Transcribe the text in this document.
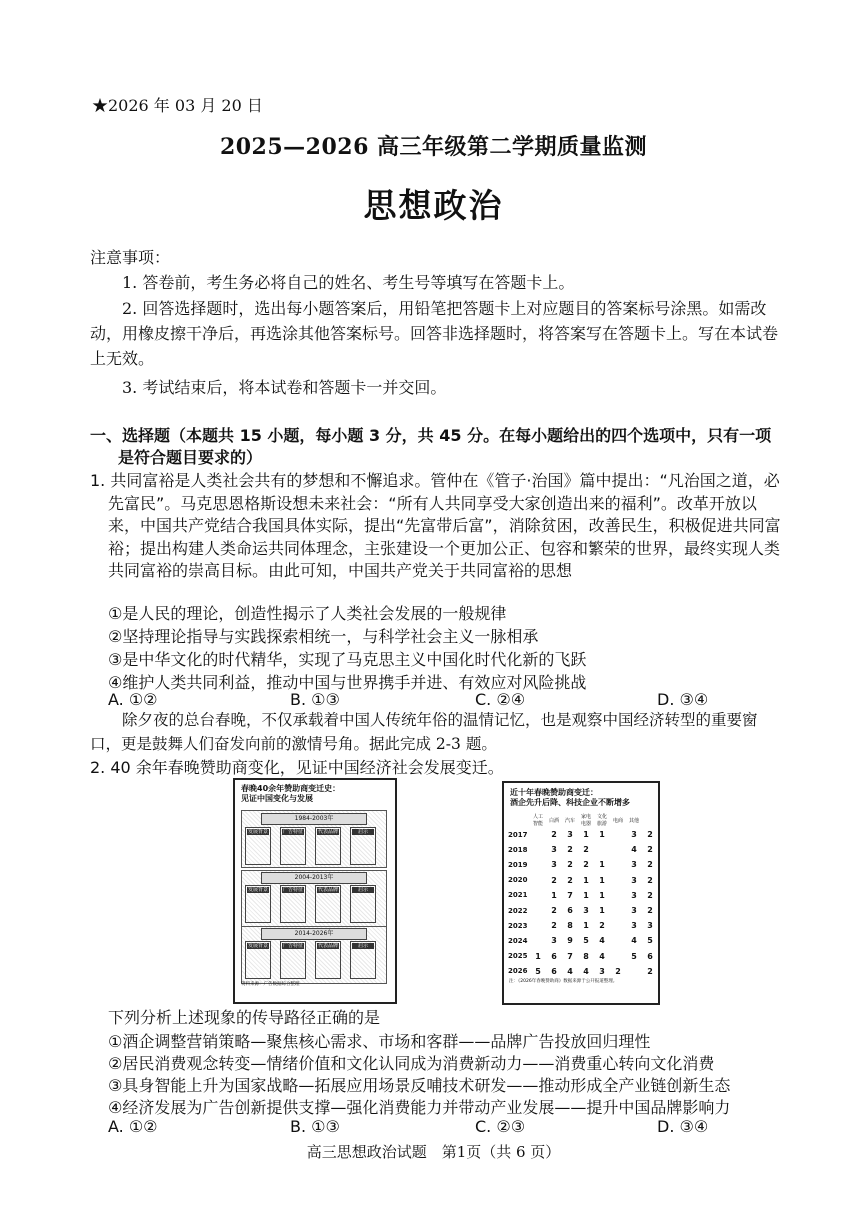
★2026 年 03 月 20 日
2025—2026 高三年级第二学期质量监测
思想政治
注意事项：
1. 答卷前，考生务必将自己的姓名、考生号等填写在答题卡上。
2. 回答选择题时，选出每小题答案后，用铅笔把答题卡上对应题目的答案标号涂黑。如需改动，用橡皮擦干净后，再选涂其他答案标号。回答非选择题时，将答案写在答题卡上。写在本试卷上无效。
3. 考试结束后，将本试卷和答题卡一并交回。
一、选择题（本题共 15 小题，每小题 3 分，共 45 分。在每小题给出的四个选项中，只有一项
是符合题目要求的）
1. 共同富裕是人类社会共有的梦想和不懈追求。管仲在《管子·治国》篇中提出：“凡治国之道，必先富民”。马克思恩格斯设想未来社会：“所有人共同享受大家创造出来的福利”。改革开放以来，中国共产党结合我国具体实际，提出“先富带后富”，消除贫困，改善民生，积极促进共同富裕；提出构建人类命运共同体理念，主张建设一个更加公正、包容和繁荣的世界，最终实现人类共同富裕的崇高目标。由此可知，中国共产党关于共同富裕的思想
①是人民的理论，创造性揭示了人类社会发展的一般规律
②坚持理论指导与实践探索相统一，与科学社会主义一脉相承
③是中华文化的时代精华，实现了马克思主义中国化时代化新的飞跃
④维护人类共同利益，推动中国与世界携手并进、有效应对风险挑战
A. ①②	B. ①③	C. ②④	D. ③④
除夕夜的总台春晚，不仅承载着中国人传统年俗的温情记忆，也是观察中国经济转型的重要窗口，更是鼓舞人们奋发向前的激情号角。据此完成 2-3 题。
2. 40 余年春晚赞助商变化，见证中国经济社会发展变迁。
春晚40余年赞助商变迁史：
见证中国变化与发展
1984-2003年
发展背景	广告特征	代表品牌	启示
2004-2013年
发展背景	广告特征	代表品牌	启示
2014-2026年
发展背景	广告特征	代表品牌	启示
资料来源：广告数据综合整理
近十年春晚赞助商变迁：
酒企先升后降、科技企业不断增多
	人工智能	白酒	汽车	家电电器	文化旅游	电商	其他	
2017		2	3	1	1		3	2
2018		3	2	2			4	2
2019		3	2	2	1		3	2
2020		2	2	1	1		3	2
2021		1	7	1	1		3	2
2022		2	6	3	1		3	2
2023		2	8	1	2		3	3
2024		3	9	5	4		4	5
2025	1	6	7	8	4		5	6
2026	5	6	4	4	3	2		2
注：《2026年春晚赞助商》数据来源于公开报道整理。
下列分析上述现象的传导路径正确的是
①酒企调整营销策略—聚焦核心需求、市场和客群——品牌广告投放回归理性
②居民消费观念转变—情绪价值和文化认同成为消费新动力——消费重心转向文化消费
③具身智能上升为国家战略—拓展应用场景反哺技术研发——推动形成全产业链创新生态
④经济发展为广告创新提供支撑—强化消费能力并带动产业发展——提升中国品牌影响力
A. ①②	B. ①③	C. ②③	D. ③④
高三思想政治试题　第1页（共 6 页）
